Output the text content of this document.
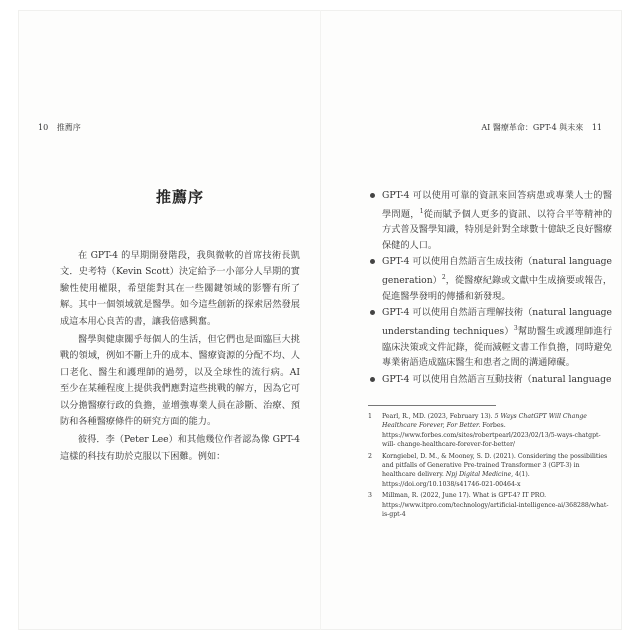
10 推薦序	AI 醫療革命：GPT-4 與未來 11
推薦序

在 GPT-4 的早期開發階段，我與微軟的首席技術長凱文．史考特（Kevin Scott）決定給予一小部分人早期的實驗性使用權限，希望能對其在一些關鍵領域的影響有所了解。其中一個領域就是醫學。如今這些創新的探索居然發展成這本用心良苦的書，讓我倍感興奮。

醫學與健康關乎每個人的生活，但它們也是面臨巨大挑戰的領域，例如不斷上升的成本、醫療資源的分配不均、人口老化、醫生和護理師的過勞，以及全球性的流行病。AI 至少在某種程度上提供我們應對這些挑戰的解方，因為它可以分擔醫療行政的負擔，並增強專業人員在診斷、治療、預防和各種醫療條件的研究方面的能力。

彼得．李（Peter Lee）和其他幾位作者認為像 GPT-4 這樣的科技有助於克服以下困難。例如：

GPT-4 可以使用可靠的資訊來回答病患或專業人士的醫學問題，$^1$從而賦予個人更多的資訊、以符合平等精神的方式普及醫學知識，特別是針對全球數十億缺乏良好醫療保健的人口。
GPT-4 可以使用自然語言生成技術（natural language generation）$^2$，從醫療紀錄或文獻中生成摘要或報告，促進醫學發明的傳播和新發現。
GPT-4 可以使用自然語言理解技術（natural language understanding techniques）$^3$幫助醫生或護理師進行臨床決策或文件記錄，從而減輕文書工作負擔，同時避免專業術語造成臨床醫生和患者之間的溝通障礙。
GPT-4 可以使用自然語言互動技術（natural language
1 Pearl, R., MD. (2023, February 13). 5 Ways ChatGPT Will Change Healthcare Forever, For Better. Forbes. https://www.forbes.com/sites/robertpearl/2023/02/13/5-ways-chatgpt-will- change-healthcare-forever-for-better/
2 Korngiebel, D. M., & Mooney, S. D. (2021). Considering the possibilities and pitfalls of Generative Pre-trained Transformer 3 (GPT-3) in healthcare delivery. Npj Digital Medicine, 4(1). https://doi.org/10.1038/s41746-021-00464-x
3 Millman, R. (2022, June 17). What is GPT-4? IT PRO. https://www.itpro.com/technology/artificial-intelligence-ai/368288/what-is-gpt-4
